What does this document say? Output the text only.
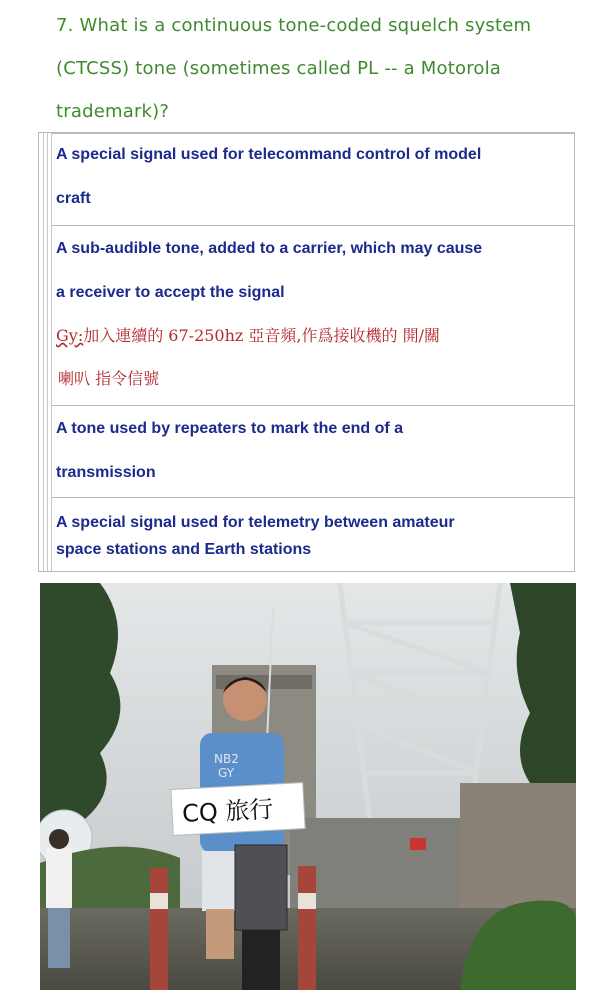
7. What is a continuous tone-coded squelch system
(CTCSS) tone (sometimes called PL -- a Motorola
trademark)?
A special signal used for telecommand control of model
craft
A sub-audible tone, added to a carrier, which may cause
a receiver to accept the signal
Gy:加入連續的 67-250hz 亞音頻,作爲接收機的 開/關
喇叭 指令信號
A tone used by repeaters to mark the end of a
transmission
A special signal used for telemetry between amateur
space stations and Earth stations
NB2
GY
CQ 旅行
